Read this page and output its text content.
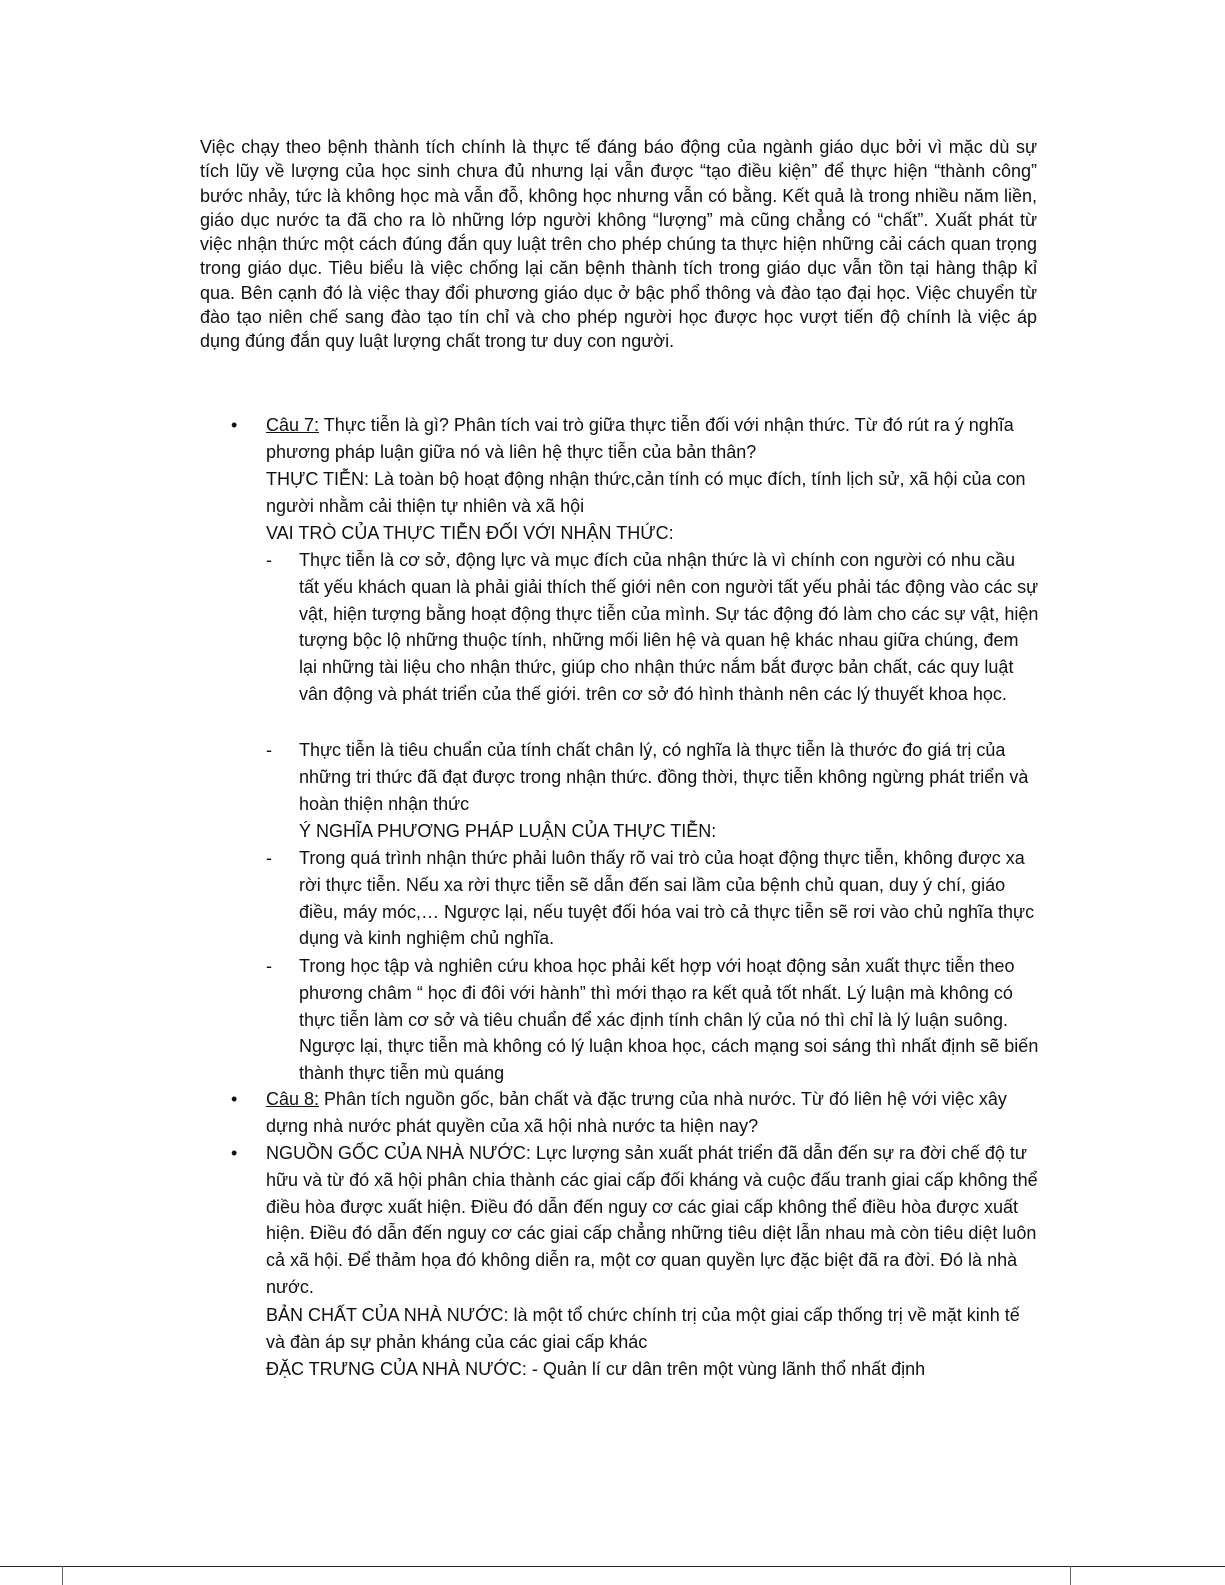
Việc chạy theo bệnh thành tích chính là thực tế đáng báo động của ngành giáo dục bởi vì mặc dù sự tích lũy về lượng của học sinh chưa đủ nhưng lại vẫn được “tạo điều kiện” để thực hiện “thành công” bước nhảy, tức là không học mà vẫn đỗ, không học nhưng vẫn có bằng. Kết quả là trong nhiều năm liền, giáo dục nước ta đã cho ra lò những lớp người không “lượng” mà cũng chẳng có “chất”. Xuất phát từ việc nhận thức một cách đúng đắn quy luật trên cho phép chúng ta thực hiện những cải cách quan trọng trong giáo dục. Tiêu biểu là việc chống lại căn bệnh thành tích trong giáo dục vẫn tồn tại hàng thập kỉ qua. Bên cạnh đó là việc thay đổi phương giáo dục ở bậc phổ thông và đào tạo đại học. Việc chuyển từ đào tạo niên chế sang đào tạo tín chỉ và cho phép người học được học vượt tiến độ chính là việc áp dụng đúng đắn quy luật lượng chất trong tư duy con người.

•	Câu 7: Thực tiễn là gì? Phân tích vai trò giữa thực tiễn đối với nhận thức. Từ đó rút ra ý nghĩa phương pháp luận giữa nó và liên hệ thực tiễn của bản thân?

THỰC TIỄN: Là toàn bộ hoạt động nhận thức,cản tính có mục đích, tính lịch sử, xã hội của con người nhằm cải thiện tự nhiên và xã hội

VAI TRÒ CỦA THỰC TIỄN ĐỐI VỚI NHẬN THỨC:

- Thực tiễn là cơ sở, động lực và mục đích của nhận thức là vì chính con người có nhu cầu tất yếu khách quan là phải giải thích thế giới nên con người tất yếu phải tác động vào các sự vật, hiện tượng bằng hoạt động thực tiễn của mình. Sự tác động đó làm cho các sự vật, hiện tượng bộc lộ những thuộc tính, những mối liên hệ và quan hệ khác nhau giữa chúng, đem lại những tài liệu cho nhận thức, giúp cho nhận thức nắm bắt được bản chất, các quy luật vân động và phát triển của thế giới. trên cơ sở đó hình thành nên các lý thuyết khoa học.

- Thực tiễn là tiêu chuẩn của tính chất chân lý, có nghĩa là thực tiễn là thước đo giá trị của những tri thức đã đạt được trong nhận thức. đồng thời, thực tiễn không ngừng phát triển và hoàn thiện nhận thức

Ý NGHĨA PHƯƠNG PHÁP LUẬN CỦA THỰC TIỄN:

- Trong quá trình nhận thức phải luôn thấy rõ vai trò của hoạt động thực tiễn, không được xa rời thực tiễn. Nếu xa rời thực tiễn sẽ dẫn đến sai lầm của bệnh chủ quan, duy ý chí, giáo điều, máy móc,… Ngược lại, nếu tuyệt đối hóa vai trò cả thực tiễn sẽ rơi vào chủ nghĩa thực dụng và kinh nghiệm chủ nghĩa.

- Trong học tập và nghiên cứu khoa học phải kết hợp với hoạt động sản xuất thực tiễn theo phương châm “ học đi đôi với hành” thì mới thạo ra kết quả tốt nhất. Lý luận mà không có thực tiễn làm cơ sở và tiêu chuẩn để xác định tính chân lý của nó thì chỉ là lý luận suông. Ngược lại, thực tiễn mà không có lý luận khoa học, cách mạng soi sáng thì nhất định sẽ biến thành thực tiễn mù quáng

•	Câu 8: Phân tích nguồn gốc, bản chất và đặc trưng của nhà nước. Từ đó liên hệ với việc xây dựng nhà nước phát quyền của xã hội nhà nước ta hiện nay?

•	NGUỒN GỐC CỦA NHÀ NƯỚC: Lực lượng sản xuất phát triển đã dẫn đến sự ra đời chế độ tư hữu và từ đó xã hội phân chia thành các giai cấp đối kháng và cuộc đấu tranh giai cấp không thể điều hòa được xuất hiện. Điều đó dẫn đến nguy cơ các giai cấp không thể điều hòa được xuất hiện. Điều đó dẫn đến nguy cơ các giai cấp chẳng những tiêu diệt lẫn nhau mà còn tiêu diệt luôn cả xã hội. Để thảm họa đó không diễn ra, một cơ quan quyền lực đặc biệt đã ra đời. Đó là nhà nước.

BẢN CHẤT CỦA NHÀ NƯỚC: là một tổ chức chính trị của một giai cấp thống trị về mặt kinh tế và đàn áp sự phản kháng của các giai cấp khác

ĐẶC TRƯNG CỦA NHÀ NƯỚC: - Quản lí cư dân trên một vùng lãnh thổ nhất định
